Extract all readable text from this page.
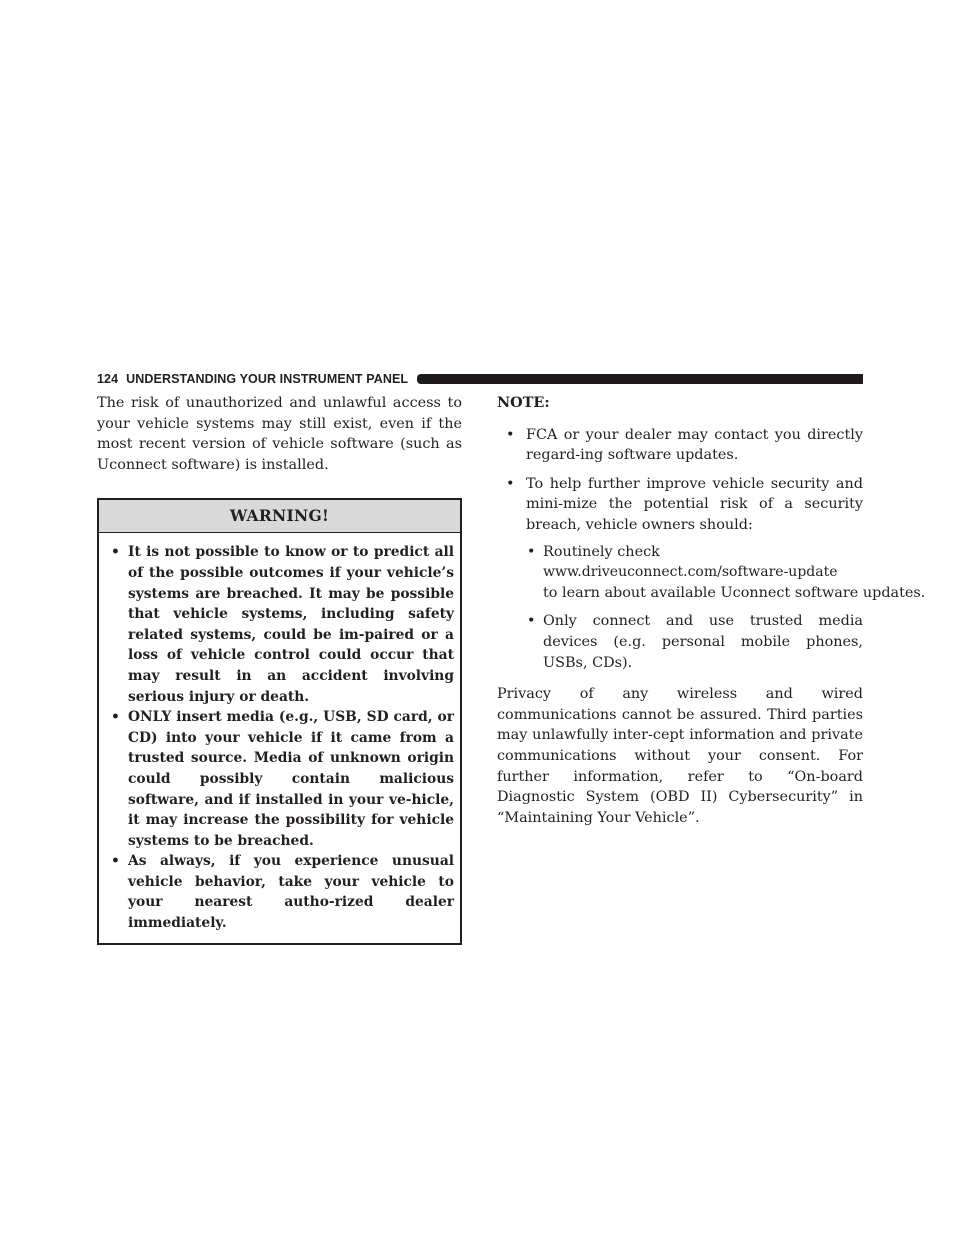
124 UNDERSTANDING YOUR INSTRUMENT PANEL

The risk of unauthorized and unlawful access to your vehicle systems may still exist, even if the most recent version of vehicle software (such as Uconnect software) is installed.

WARNING!
• It is not possible to know or to predict all of the possible outcomes if your vehicle’s systems are breached. It may be possible that vehicle systems, including safety related systems, could be im-paired or a loss of vehicle control could occur that may result in an accident involving serious injury or death.
• ONLY insert media (e.g., USB, SD card, or CD) into your vehicle if it came from a trusted source. Media of unknown origin could possibly contain malicious software, and if installed in your ve-hicle, it may increase the possibility for vehicle systems to be breached.
• As always, if you experience unusual vehicle behavior, take your vehicle to your nearest autho-rized dealer immediately.
NOTE:
• FCA or your dealer may contact you directly regard-ing software updates.
• To help further improve vehicle security and mini-mize the potential risk of a security breach, vehicle owners should:
• Routinely check
www.driveuconnect.com/software-update
to learn about available Uconnect software updates.
• Only connect and use trusted media devices (e.g. personal mobile phones, USBs, CDs).

Privacy of any wireless and wired communications cannot be assured. Third parties may unlawfully inter-cept information and private communications without your consent. For further information, refer to “On-board Diagnostic System (OBD II) Cybersecurity” in “Maintaining Your Vehicle”.
